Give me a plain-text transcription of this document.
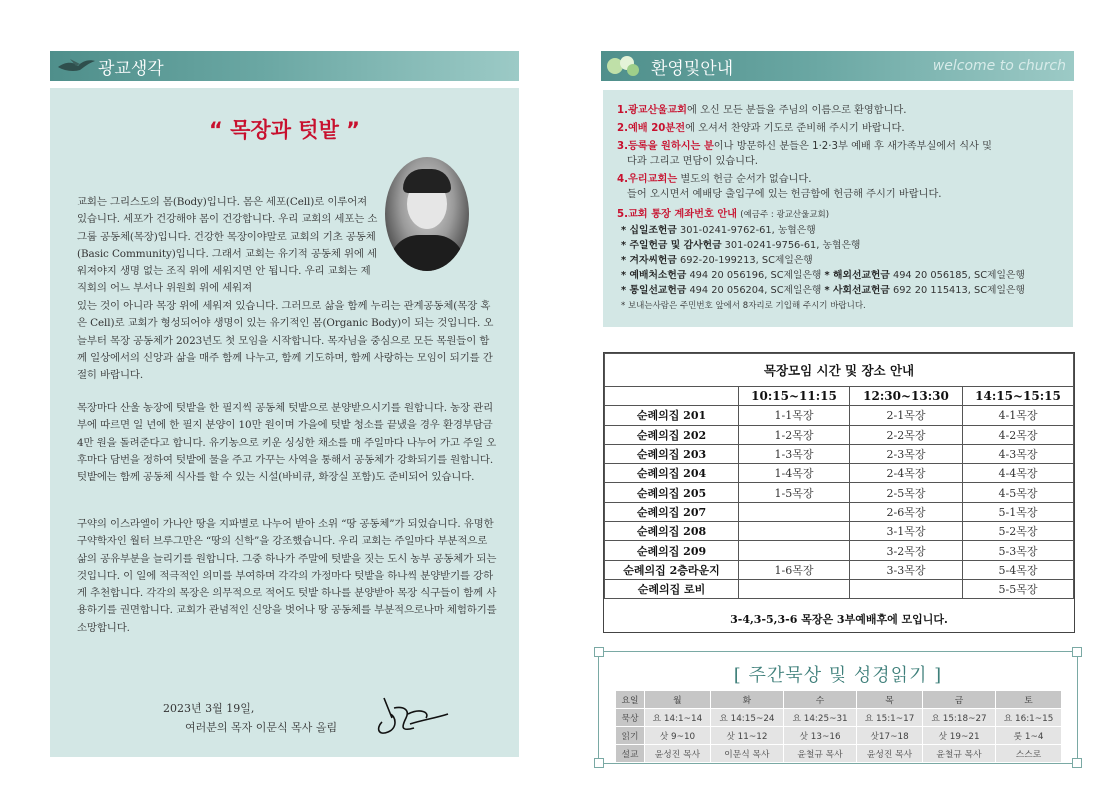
광교생각
“ 목장과 텃밭 ”
교회는 그리스도의 몸(Body)입니다. 몸은 세포(Cell)로 이루어져 있습니다. 세포가 건강해야 몸이 건강합니다. 우리 교회의 세포는 소그룹 공동체(목장)입니다. 건강한 목장이야말로 교회의 기초 공동체(Basic Community)입니다. 그래서 교회는 유기적 공동체 위에 세워져야지 생명 없는 조직 위에 세워지면 안 됩니다. 우리 교회는 제직회의 어느 부서나 위원회 위에 세워져
있는 것이 아니라 목장 위에 세워져 있습니다. 그러므로 삶을 함께 누리는 관계공동체(목장 혹은 Cell)로 교회가 형성되어야 생명이 있는 유기적인 몸(Organic Body)이 되는 것입니다. 오늘부터 목장 공동체가 2023년도 첫 모임을 시작합니다. 목자님을 중심으로 모든 목원들이 함께 일상에서의 신앙과 삶을 매주 함께 나누고, 함께 기도하며, 함께 사랑하는 모임이 되기를 간절히 바랍니다.
목장마다 산울 농장에 텃밭을 한 필지씩 공동체 텃밭으로 분양받으시기를 원합니다. 농장 관리부에 따르면 일 년에 한 필지 분양이 10만 원이며 가을에 텃밭 청소를 끝냈을 경우 환경부담금 4만 원을 돌려준다고 합니다. 유기농으로 키운 싱싱한 채소를 매 주일마다 나누어 가고 주일 오후마다 담번을 정하여 텃밭에 물을 주고 가꾸는 사역을 통해서 공동체가 강화되기를 원합니다. 텃밭에는 함께 공동체 식사를 할 수 있는 시설(바비큐, 화장실 포함)도 준비되어 있습니다.
구약의 이스라엘이 가나안 땅을 지파별로 나누어 받아 소위 “땅 공동체”가 되었습니다. 유명한 구약학자인 월터 브루그만은 “땅의 신학”을 강조했습니다. 우리 교회는 주일마다 부분적으로 삶의 공유부분을 늘리기를 원합니다. 그중 하나가 주말에 텃밭을 짓는 도시 농부 공동체가 되는 것입니다. 이 일에 적극적인 의미를 부여하며 각각의 가정마다 텃밭을 하나씩 분양받기를 강하게 추천합니다. 각각의 목장은 의무적으로 적어도 텃밭 하나를 분양받아 목장 식구들이 함께 사용하기를 권면합니다. 교회가 관념적인 신앙을 벗어나 땅 공동체를 부분적으로나마 체험하기를 소망합니다.
2023년 3월 19일,
여러분의 목자 이문식 목사 올림
환영및안내	welcome to church
1.광교산울교회에 오신 모든 분들을 주님의 이름으로 환영합니다.
2.예배 20분전에 오셔서 찬양과 기도로 준비해 주시기 바랍니다.
3.등록을 원하시는 분이나 방문하신 분들은 1·2·3부 예배 후 새가족부실에서 식사 및
다과 그리고 면담이 있습니다.
4.우리교회는 별도의 헌금 순서가 없습니다.
들어 오시면서 예배당 출입구에 있는 헌금함에 헌금해 주시기 바랍니다.
5.교회 통장 계좌번호 안내 (예금주 : 광교산울교회)
* 십일조헌금 301-0241-9762-61, 농협은행
* 주일헌금 및 감사헌금 301-0241-9756-61, 농협은행
* 겨자씨헌금 692-20-199213, SC제일은행
* 예배처소헌금 494 20 056196, SC제일은행 * 해외선교헌금 494 20 056185, SC제일은행
* 통일선교헌금 494 20 056204, SC제일은행 * 사회선교헌금 692 20 115413, SC제일은행
* 보내는사람은 주민번호 앞에서 8자리로 기입해 주시기 바랍니다.
목장모임 시간 및 장소 안내			
	10:15~11:15	12:30~13:30	14:15~15:15
순례의집 201	1-1목장	2-1목장	4-1목장
순례의집 202	1-2목장	2-2목장	4-2목장
순례의집 203	1-3목장	2-3목장	4-3목장
순례의집 204	1-4목장	2-4목장	4-4목장
순례의집 205	1-5목장	2-5목장	4-5목장
순례의집 207		2-6목장	5-1목장
순례의집 208		3-1목장	5-2목장
순례의집 209		3-2목장	5-3목장
순례의집 2층라운지	1-6목장	3-3목장	5-4목장
순례의집 로비			5-5목장
3-4,3-5,3-6 목장은 3부예배후에 모입니다.
[ 주간묵상 및 성경읽기 ]
요일	월	화	수	목	금	토
묵상	요 14:1~14	요 14:15~24	요 14:25~31	요 15:1~17	요 15:18~27	요 16:1~15
읽기	삿 9~10	삿 11~12	삿 13~16	삿17~18	삿 19~21	룻 1~4
설교	윤성진 목사	이문식 목사	윤철규 목사	윤성진 목사	윤철규 목사	스스로
